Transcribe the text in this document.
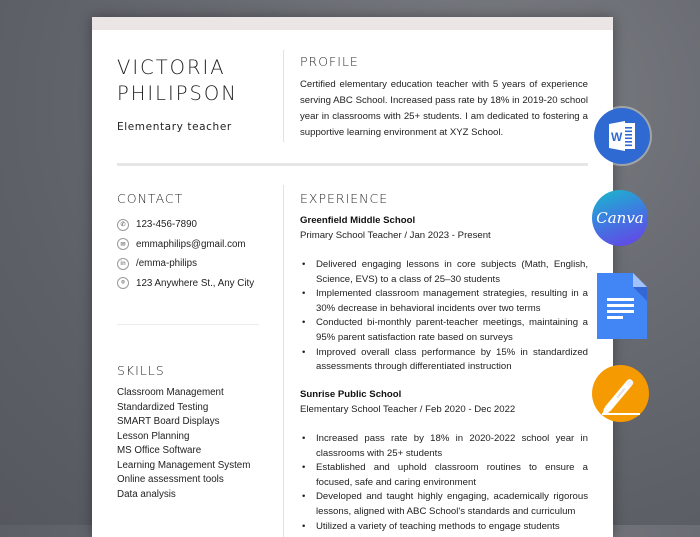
VICTORIA
PHILIPSON
Elementary teacher
PROFILE
Certified elementary education teacher with 5 years of experience serving ABC School. Increased pass rate by 18% in 2019-20 school year in classrooms with 25+ students. I am dedicated to fostering a supportive learning environment at XYZ School.
CONTACT
✆	123-456-7890
✉	emmaphilips@gmail.com
in	/emma-philips
⌾	123 Anywhere St., Any City
SKILLS
Classroom Management
Standardized Testing
SMART Board Displays
Lesson Planning
MS Office Software
Learning Management System
Online assessment tools
Data analysis
EXPERIENCE
Greenfield Middle School
Primary School Teacher / Jan 2023 - Present
• Delivered engaging lessons in core subjects (Math, English, Science, EVS) to a class of 25–30 students
• Implemented classroom management strategies, resulting in a 30% decrease in behavioral incidents over two terms
• Conducted bi-monthly parent-teacher meetings, maintaining a 95% parent satisfaction rate based on surveys
• Improved overall class performance by 15% in standardized assessments through differentiated instruction
Sunrise Public School
Elementary School Teacher / Feb 2020 - Dec 2022
• Increased pass rate by 18% in 2020-2022 school year in classrooms with 25+ students
• Established and uphold classroom routines to ensure a focused, safe and caring environment
• Developed and taught highly engaging, academically rigorous lessons, aligned with ABC School's standards and curriculum
• Utilized a variety of teaching methods to engage students
W
Canva
